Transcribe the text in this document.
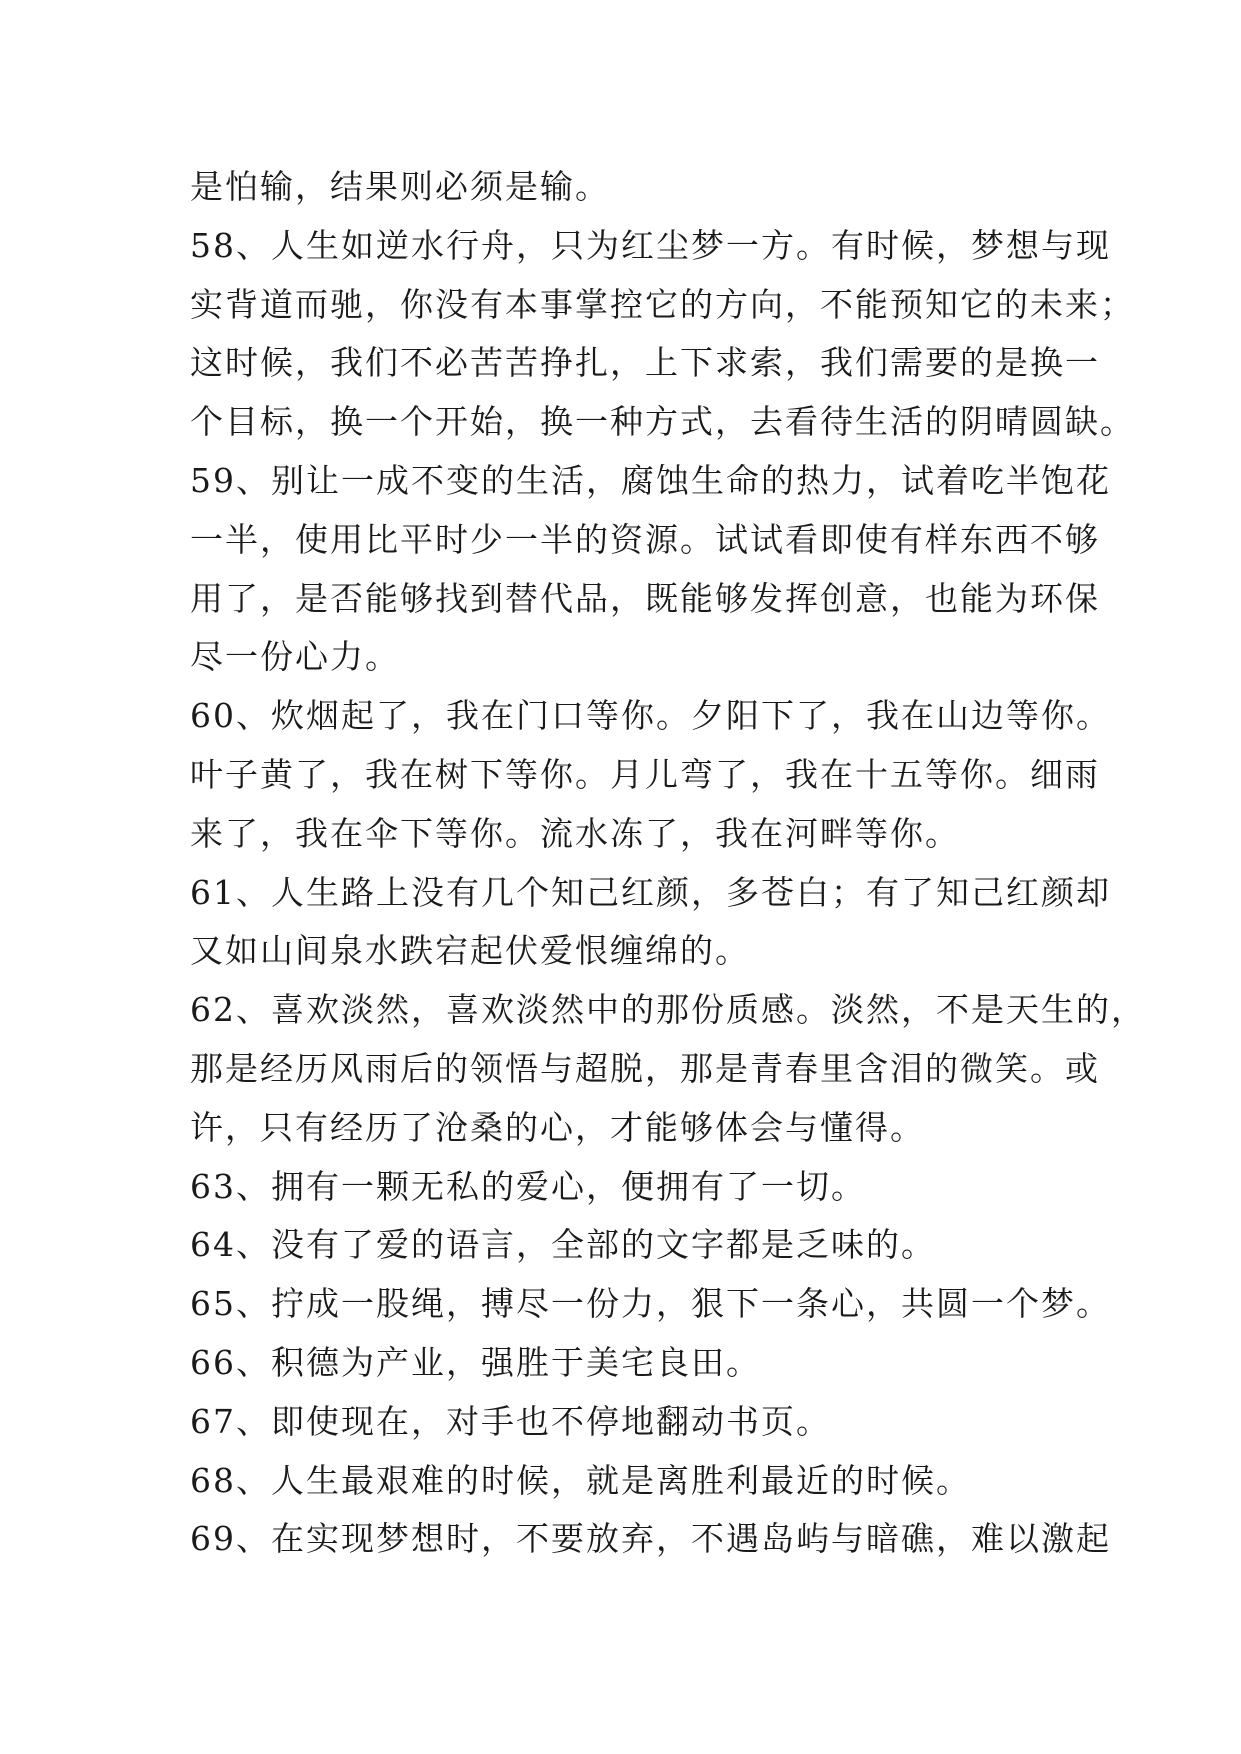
是怕输，结果则必须是输。
58、人生如逆水行舟，只为红尘梦一方。有时候，梦想与现
实背道而驰，你没有本事掌控它的方向，不能预知它的未来；
这时候，我们不必苦苦挣扎，上下求索，我们需要的是换一
个目标，换一个开始，换一种方式，去看待生活的阴晴圆缺。
59、别让一成不变的生活，腐蚀生命的热力，试着吃半饱花
一半，使用比平时少一半的资源。试试看即使有样东西不够
用了，是否能够找到替代品，既能够发挥创意，也能为环保
尽一份心力。
60、炊烟起了，我在门口等你。夕阳下了，我在山边等你。
叶子黄了，我在树下等你。月儿弯了，我在十五等你。细雨
来了，我在伞下等你。流水冻了，我在河畔等你。
61、人生路上没有几个知己红颜，多苍白；有了知己红颜却
又如山间泉水跌宕起伏爱恨缠绵的。
62、喜欢淡然，喜欢淡然中的那份质感。淡然，不是天生的，
那是经历风雨后的领悟与超脱，那是青春里含泪的微笑。或
许，只有经历了沧桑的心，才能够体会与懂得。
63、拥有一颗无私的爱心，便拥有了一切。
64、没有了爱的语言，全部的文字都是乏味的。
65、拧成一股绳，搏尽一份力，狠下一条心，共圆一个梦。
66、积德为产业，强胜于美宅良田。
67、即使现在，对手也不停地翻动书页。
68、人生最艰难的时候，就是离胜利最近的时候。
69、在实现梦想时，不要放弃，不遇岛屿与暗礁，难以激起
